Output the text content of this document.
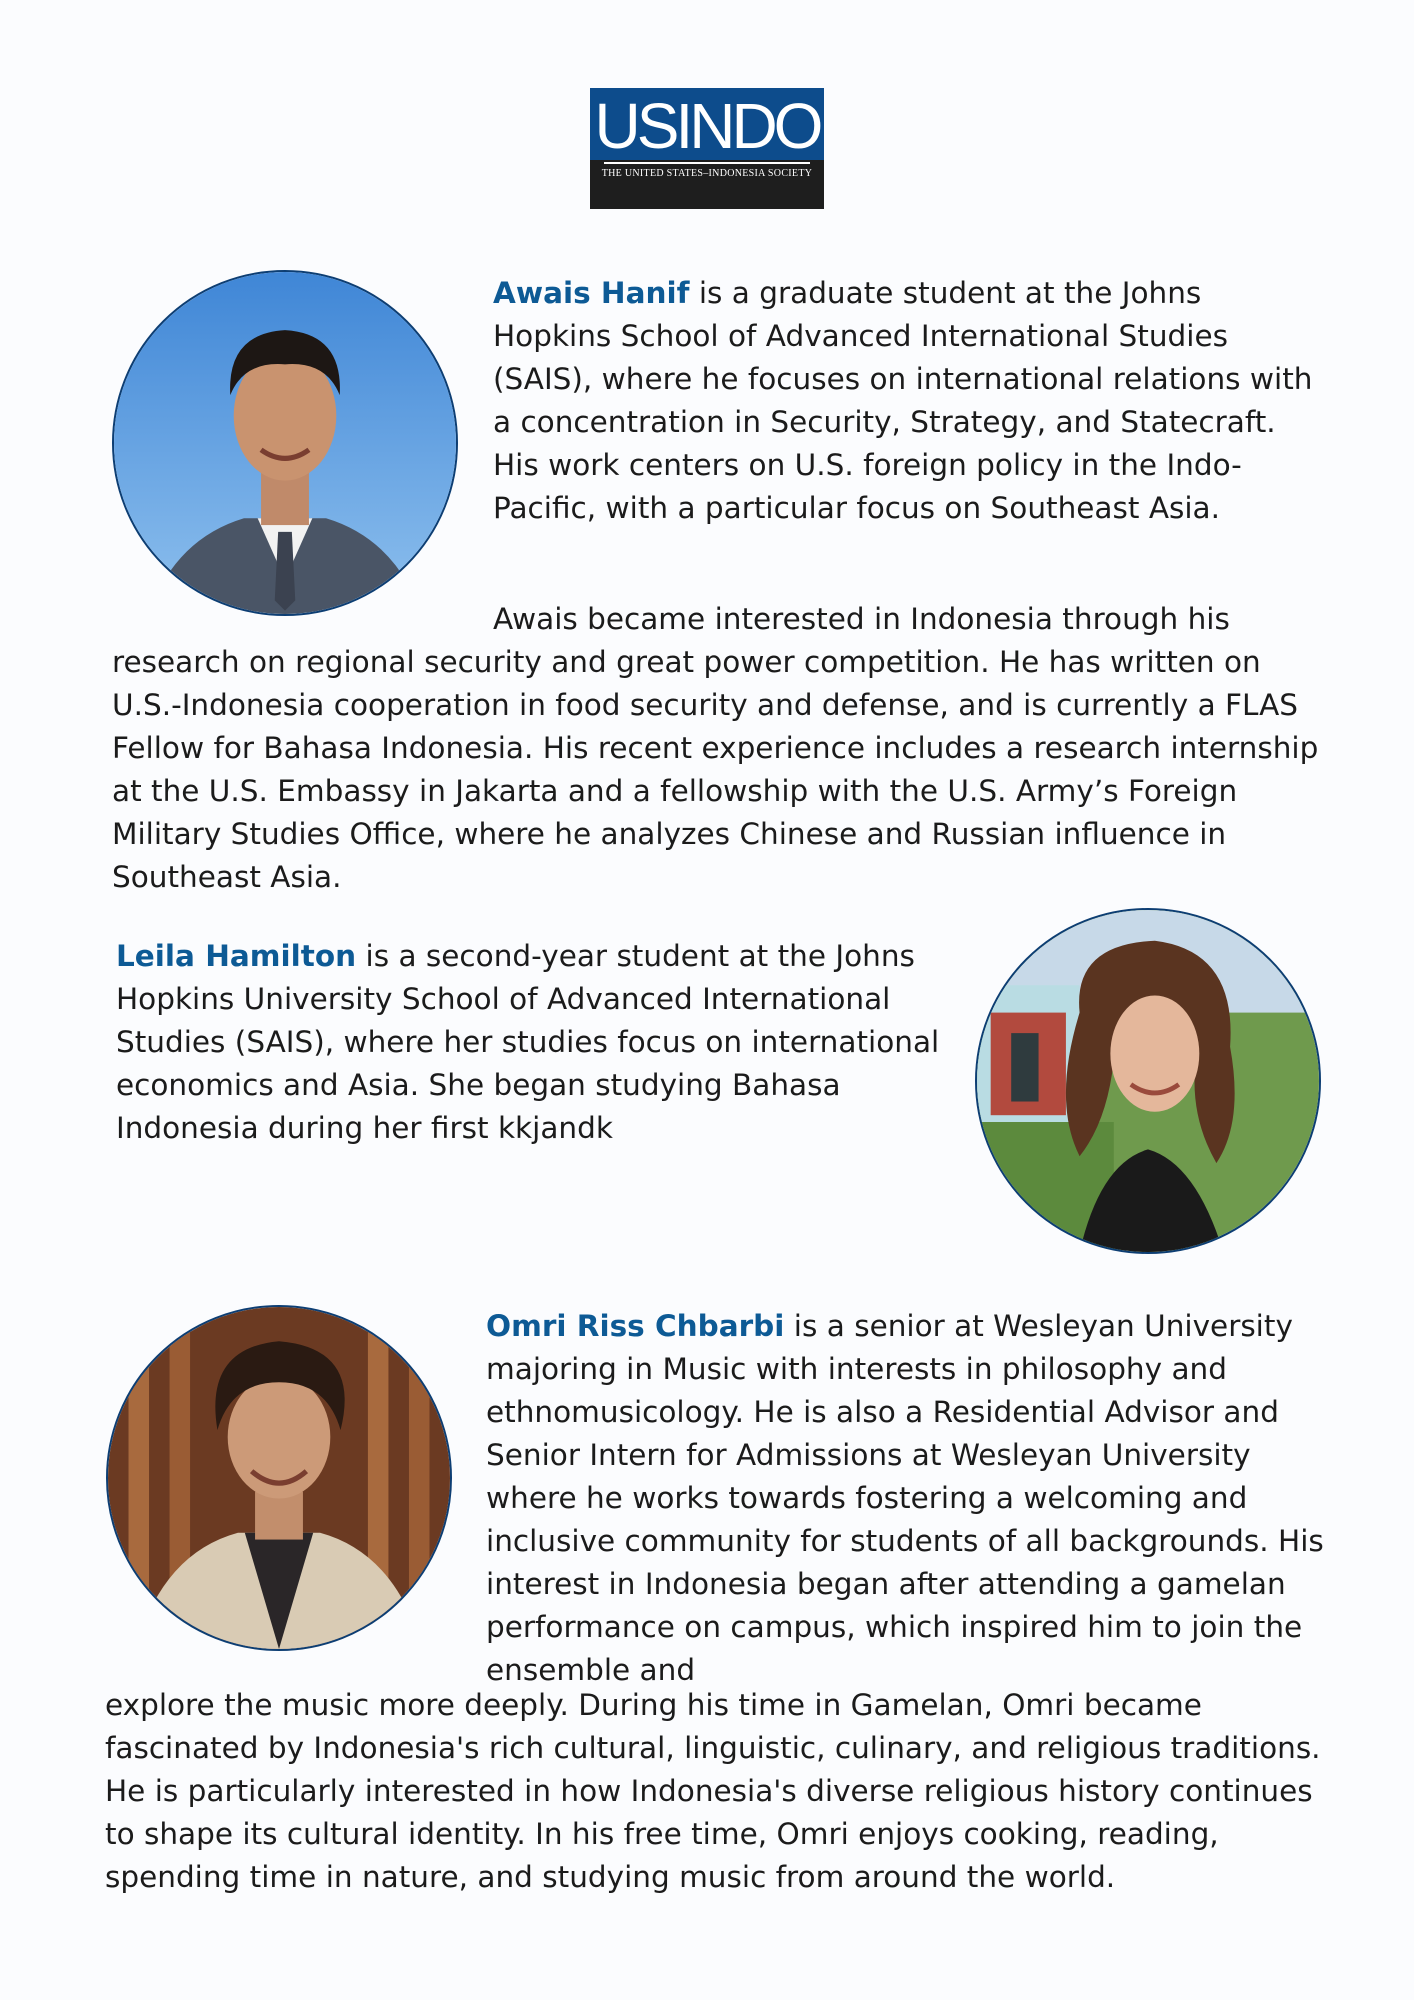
USINDO
THE UNITED STATES–INDONESIA SOCIETY

Awais Hanif is a graduate student at the Johns Hopkins School of Advanced International Studies (SAIS), where he focuses on international relations with a concentration in Security, Strategy, and Statecraft. His work centers on U.S. foreign policy in the Indo-Pacific, with a particular focus on Southeast Asia.

Awais became interested in Indonesia through his research on regional security and great power competition. He has written on U.S.-Indonesia cooperation in food security and defense, and is currently a FLAS Fellow for Bahasa Indonesia. His recent experience includes a research internship at the U.S. Embassy in Jakarta and a fellowship with the U.S. Army’s Foreign Military Studies Office, where he analyzes Chinese and Russian influence in Southeast Asia.

Leila Hamilton is a second-year student at the Johns Hopkins University School of Advanced International Studies (SAIS), where her studies focus on international economics and Asia. She began studying Bahasa Indonesia during her first kkjandk

Omri Riss Chbarbi is a senior at Wesleyan University majoring in Music with interests in philosophy and ethnomusicology. He is also a Residential Advisor and Senior Intern for Admissions at Wesleyan University where he works towards fostering a welcoming and inclusive community for students of all backgrounds. His interest in Indonesia began after attending a gamelan performance on campus, which inspired him to join the ensemble and

explore the music more deeply. During his time in Gamelan, Omri became fascinated by Indonesia's rich cultural, linguistic, culinary, and religious traditions. He is particularly interested in how Indonesia's diverse religious history continues to shape its cultural identity. In his free time, Omri enjoys cooking, reading, spending time in nature, and studying music from around the world.
